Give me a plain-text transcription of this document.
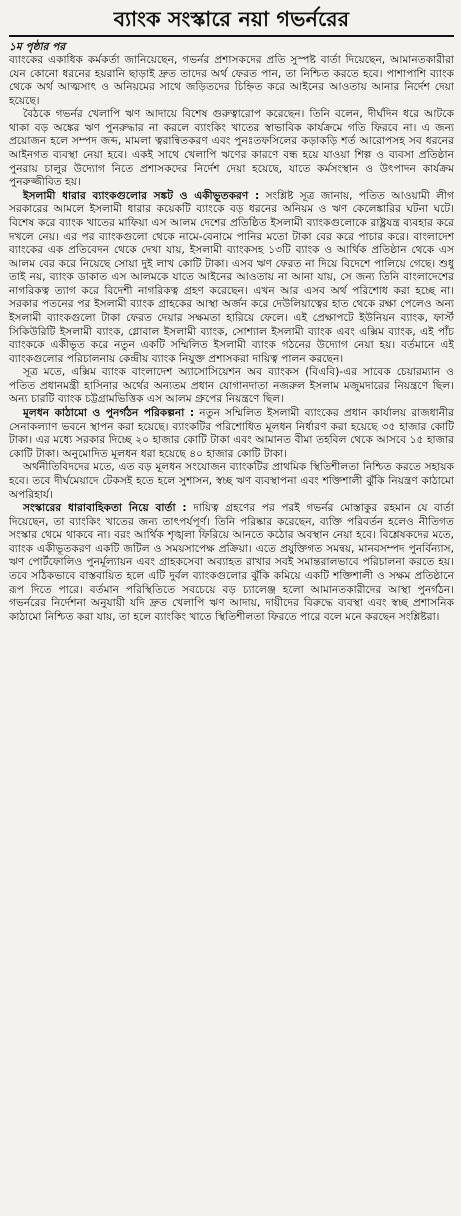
ব্যাংক সংস্কারে নয়া গভর্নরের

১ম পৃষ্ঠার পর

ব্যাংকের একাধিক কর্মকর্তা জানিয়েছেন, গভর্নর প্রশাসকদের প্রতি সুস্পষ্ট বার্তা দিয়েছেন, আমানতকারীরা যেন কোনো ধরনের হয়রানি ছাড়াই দ্রুত তাদের অর্থ ফেরত পান, তা নিশ্চিত করতে হবে। পাশাপাশি ব্যাংক থেকে অর্থ আত্মসাৎ ও অনিয়মের সাথে জড়িতদের চিহ্নিত করে আইনের আওতায় আনার নির্দেশ দেয়া হয়েছে।

বৈঠকে গভর্নর খেলাপি ঋণ আদায়ে বিশেষ গুরুত্বারোপ করেছেন। তিনি বলেন, দীর্ঘদিন ধরে আটকে থাকা বড় অঙ্কের ঋণ পুনরুদ্ধার না করলে ব্যাংকিং খাতের স্বাভাবিক কার্যক্রমে গতি ফিরবে না। এ জন্য প্রয়োজন হলে সম্পদ জব্দ, মামলা ত্বরান্বিতকরণ এবং পুনঃতফসিলের কড়াকড়ি শর্ত আরোপসহ সব ধরনের আইনগত ব্যবস্থা নেয়া হবে। একই সাথে খেলাপি ঋণের কারণে বন্ধ হয়ে যাওয়া শিল্প ও ব্যবসা প্রতিষ্ঠান পুনরায় চালুর উদ্যোগ নিতে প্রশাসকদের নির্দেশ দেয়া হয়েছে, যাতে কর্মসংস্থান ও উৎপাদন কার্যক্রম পুনরুজ্জীবিত হয়।

ইসলামী ধারার ব্যাংকগুলোর সঙ্কট ও একীভূতকরণ : সংশ্লিষ্ট সূত্র জানায়, পতিত আওয়ামী লীগ সরকারের আমলে ইসলামী ধারার কয়েকটি ব্যাংকে বড় ধরনের অনিয়ম ও ঋণ কেলেঙ্কারির ঘটনা ঘটে। বিশেষ করে ব্যাংক খাতের মাফিয়া এস আলম দেশের প্রতিষ্ঠিত ইসলামী ব্যাংকগুলোকে রাষ্ট্রযন্ত্র ব্যবহার করে দখলে নেয়। এর পর ব্যাংকগুলো থেকে নামে-বেনামে পানির মতো টাকা বের করে পাচার করে। বাংলাদেশ ব্যাংকের এক প্রতিবেদন থেকে দেখা যায়, ইসলামী ব্যাংকসহ ১৩টি ব্যাংক ও আর্থিক প্রতিষ্ঠান থেকে এস আলম বের করে নিয়েছে সোয়া দুই লাখ কোটি টাকা। এসব ঋণ ফেরত না দিয়ে বিদেশে পালিয়ে গেছে। শুধু তাই নয়, ব্যাংক ডাকাত এস আলমকে যাতে আইনের আওতায় না আনা যায়, সে জন্য তিনি বাংলাদেশের নাগরিকত্ব ত্যাগ করে বিদেশী নাগরিকত্ব গ্রহণ করেছেন। এখন আর এসব অর্থ পরিশোধ করা হচ্ছে না। সরকার পতনের পর ইসলামী ব্যাংক গ্রাহকের আস্থা অর্জন করে দেউলিয়াত্বের হাত থেকে রক্ষা পেলেও অন্য ইসলামী ব্যাংকগুলো টাকা ফেরত দেয়ার সক্ষমতা হারিয়ে ফেলে। এই প্রেক্ষাপটে ইউনিয়ন ব্যাংক, ফার্স্ট সিকিউরিটি ইসলামী ব্যাংক, গ্লোবাল ইসলামী ব্যাংক, সোশ্যাল ইসলামী ব্যাংক এবং এক্সিম ব্যাংক, এই পাঁচ ব্যাংককে একীভূত করে নতুন একটি সম্মিলিত ইসলামী ব্যাংক গঠনের উদ্যোগ নেয়া হয়। বর্তমানে এই ব্যাংকগুলোর পরিচালনায় কেন্দ্রীয় ব্যাংক নিযুক্ত প্রশাসকরা দায়িত্ব পালন করছেন।

সূত্র মতে, এক্সিম ব্যাংক বাংলাদেশ অ্যাসোসিয়েশন অব ব্যাংকস (বিএবি)-এর সাবেক চেয়ারম্যান ও পতিত প্রধানমন্ত্রী হাসিনার অর্থের অন্যতম প্রধান যোগানদাতা নজরুল ইসলাম মজুমদারের নিয়ন্ত্রণে ছিল। অন্য চারটি ব্যাংক চট্টগ্রামভিত্তিক এস আলম গ্রুপের নিয়ন্ত্রণে ছিল।

মূলধন কাঠামো ও পুনর্গঠন পরিকল্পনা : নতুন সম্মিলিত ইসলামী ব্যাংকের প্রধান কার্যালয় রাজধানীর সেনাকল্যাণ ভবনে স্থাপন করা হয়েছে। ব্যাংকটির পরিশোধিত মূলধন নির্ধারণ করা হয়েছে ৩৫ হাজার কোটি টাকা। এর মধ্যে সরকার দিচ্ছে ২০ হাজার কোটি টাকা এবং আমানত বীমা তহবিল থেকে আসবে ১৫ হাজার কোটি টাকা। অনুমোদিত মূলধন ধরা হয়েছে ৪০ হাজার কোটি টাকা।

অর্থনীতিবিদদের মতে, এত বড় মূলধন সংযোজন ব্যাংকটির প্রাথমিক স্থিতিশীলতা নিশ্চিত করতে সহায়ক হবে। তবে দীর্ঘমেয়াদে টেকসই হতে হলে সুশাসন, স্বচ্ছ ঋণ ব্যবস্থাপনা এবং শক্তিশালী ঝুঁকি নিয়ন্ত্রণ কাঠামো অপরিহার্য।

সংস্কারের ধারাবাহিকতা নিয়ে বার্তা : দায়িত্ব গ্রহণের পর পরই গভর্নর মোস্তাকুর রহমান যে বার্তা দিয়েছেন, তা ব্যাংকিং খাতের জন্য তাৎপর্যপূর্ণ। তিনি পরিষ্কার করেছেন, ব্যক্তি পরিবর্তন হলেও নীতিগত সংস্কার থেমে থাকবে না। বরং আর্থিক শৃঙ্খলা ফিরিয়ে আনতে কঠোর অবস্থান নেয়া হবে। বিশ্লেষকদের মতে, ব্যাংক একীভূতকরণ একটি জটিল ও সময়সাপেক্ষ প্রক্রিয়া। এতে প্রযুক্তিগত সমন্বয়, মানবসম্পদ পুনর্বিন্যাস, ঋণ পোর্টফোলিও পুনর্মূল্যায়ন এবং গ্রাহকসেবা অব্যাহত রাখার সবই সমান্তরালভাবে পরিচালনা করতে হয়। তবে সঠিকভাবে বাস্তবায়িত হলে এটি দুর্বল ব্যাংকগুলোর ঝুঁকি কমিয়ে একটি শক্তিশালী ও সক্ষম প্রতিষ্ঠানে রূপ দিতে পারে। বর্তমান পরিস্থিতিতে সবচেয়ে বড় চ্যালেঞ্জ হলো আমানতকারীদের আস্থা পুনর্গঠন। গভর্নরের নির্দেশনা অনুযায়ী যদি দ্রুত খেলাপি ঋণ আদায়, দায়ীদের বিরুদ্ধে ব্যবস্থা এবং স্বচ্ছ প্রশাসনিক কাঠামো নিশ্চিত করা যায়, তা হলে ব্যাংকিং খাতে স্থিতিশীলতা ফিরতে পারে বলে মনে করছেন সংশ্লিষ্টরা।
